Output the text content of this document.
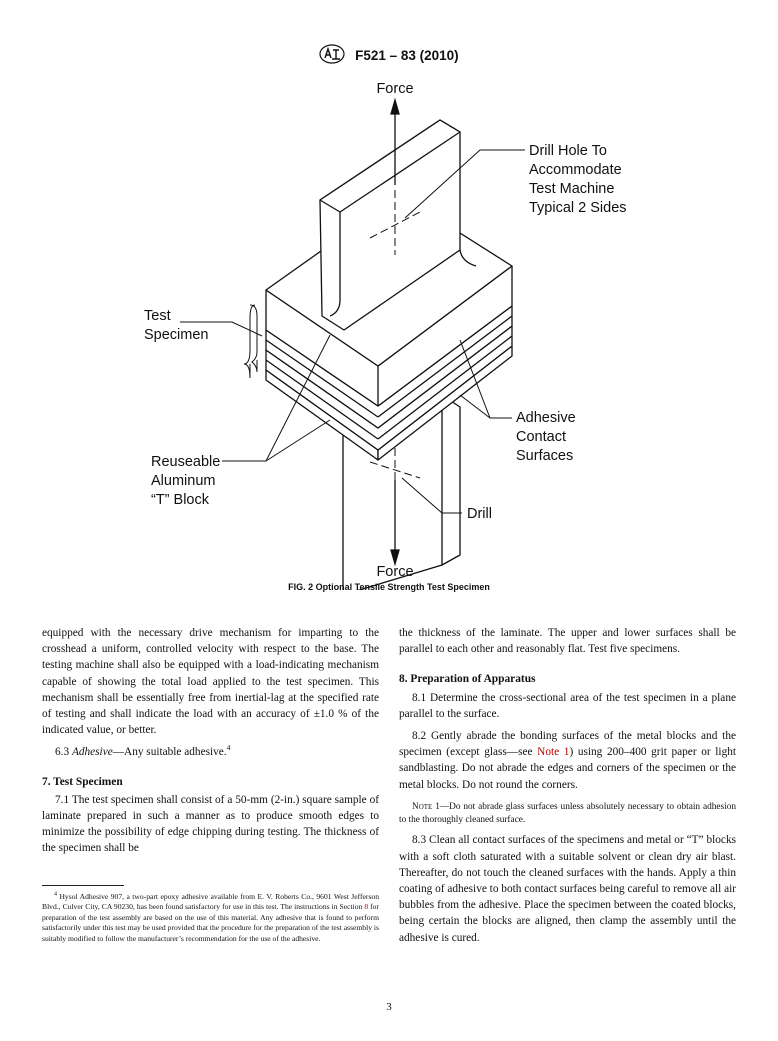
F521 – 83 (2010)
Force
Force
Drill Hole To
Accommodate
Test Machine
Typical 2 Sides
Test
Specimen
Adhesive
Contact
Surfaces
Reuseable
Aluminum
“T” Block
Drill
FIG. 2 Optional Tensile Strength Test Specimen

equipped with the necessary drive mechanism for imparting to the crosshead a uniform, controlled velocity with respect to the base. The testing machine shall also be equipped with a load-indicating mechanism capable of showing the total load applied to the test specimen. This mechanism shall be essentially free from inertial-lag at the specified rate of testing and shall indicate the load with an accuracy of ±1.0 % of the indicated value, or better.

6.3 Adhesive—Any suitable adhesive.$^4$

7. Test Specimen

7.1 The test specimen shall consist of a 50-mm (2-in.) square sample of laminate prepared in such a manner as to produce smooth edges to minimize the possibility of edge chipping during testing. The thickness of the specimen shall be

$^4$ Hysol Adhesive 907, a two-part epoxy adhesive available from E. V. Roberts Co., 9601 West Jefferson Blvd., Culver City, CA 90230, has been found satisfactory for use in this test. The instructions in Section 8 for preparation of the test assembly are based on the use of this material. Any adhesive that is found to perform satisfactorily under this test may be used provided that the procedure for the preparation of the test assembly is suitably modified to follow the manufacturer’s recommendation for the use of the adhesive.

the thickness of the laminate. The upper and lower surfaces shall be parallel to each other and reasonably flat. Test five specimens.

8. Preparation of Apparatus

8.1 Determine the cross-sectional area of the test specimen in a plane parallel to the surface.

8.2 Gently abrade the bonding surfaces of the metal blocks and the specimen (except glass—see Note 1) using 200–400 grit paper or light sandblasting. Do not abrade the edges and corners of the specimen or the metal blocks. Do not round the corners.

Note 1—Do not abrade glass surfaces unless absolutely necessary to obtain adhesion to the thoroughly cleaned surface.

8.3 Clean all contact surfaces of the specimens and metal or “T” blocks with a soft cloth saturated with a suitable solvent or clean dry air blast. Thereafter, do not touch the cleaned surfaces with the hands. Apply a thin coating of adhesive to both contact surfaces being careful to remove all air bubbles from the adhesive. Place the specimen between the coated blocks, being certain the blocks are aligned, then clamp the assembly until the adhesive is cured.

3
